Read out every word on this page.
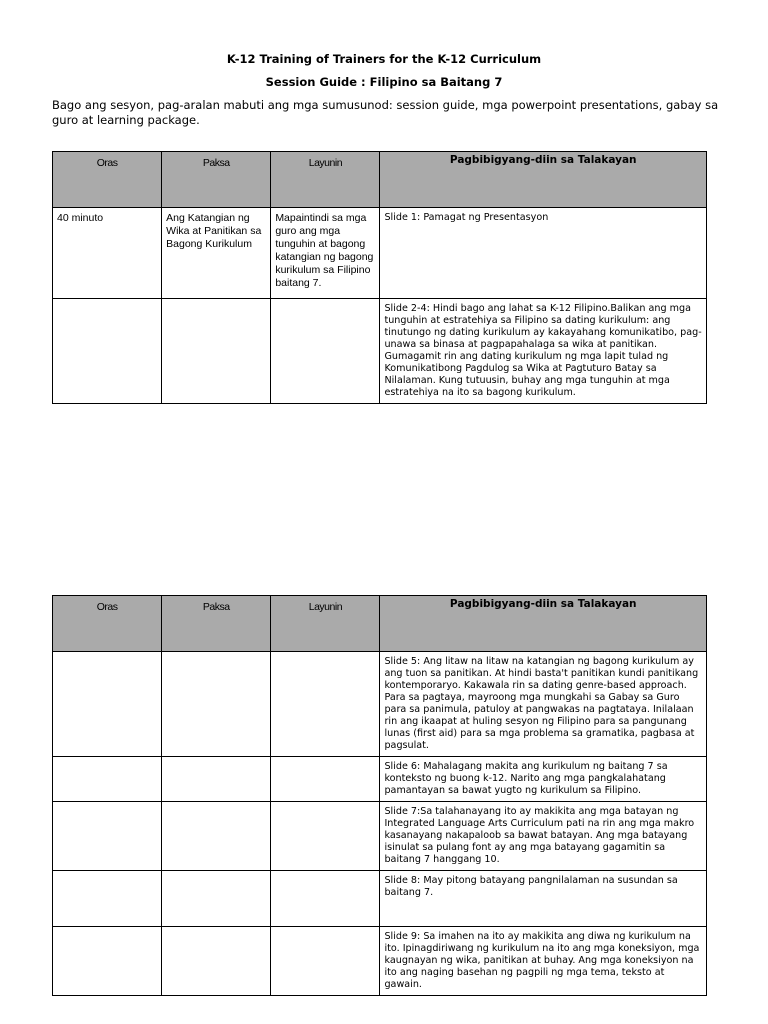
K-12 Training of Trainers for the K-12 Curriculum
Session Guide : Filipino sa Baitang 7
Bago ang sesyon, pag-aralan mabuti ang mga sumusunod: session guide, mga powerpoint presentations, gabay sa guro at learning package.
Oras	Paksa	Layunin	Pagbibigyang-diin sa Talakayan

40 minuto	Ang Katangian ng Wika at Panitikan sa Bagong Kurikulum	Mapaintindi sa mga guro ang mga tunguhin at bagong katangian ng bagong kurikulum sa Filipino baitang 7.	Slide 1: Pamagat ng Presentasyon

			Slide 2-4: Hindi bago ang lahat sa K-12 Filipino.Balikan ang mga tunguhin at estratehiya sa Filipino sa dating kurikulum: ang tinutungo ng dating kurikulum ay kakayahang komunikatibo, pag-unawa sa binasa at pagpapahalaga sa wika at panitikan. Gumagamit rin ang dating kurikulum ng mga lapit tulad ng Komunikatibong Pagdulog sa Wika at Pagtuturo Batay sa Nilalaman. Kung tutuusin, buhay ang mga tunguhin at mga estratehiya na ito sa bagong kurikulum.
Oras	Paksa	Layunin	Pagbibigyang-diin sa Talakayan

			Slide 5: Ang litaw na litaw na katangian ng bagong kurikulum ay ang tuon sa panitikan. At hindi basta't panitikan kundi panitikang kontemporaryo. Kakawala rin sa dating genre-based approach. Para sa pagtaya, mayroong mga mungkahi sa Gabay sa Guro para sa panimula, patuloy at pangwakas na pagtataya. Inilalaan rin ang ikaapat at huling sesyon ng Filipino para sa pangunang lunas (first aid) para sa mga problema sa gramatika, pagbasa at pagsulat.

			Slide 6: Mahalagang makita ang kurikulum ng baitang 7 sa konteksto ng buong k-12. Narito ang mga pangkalahatang pamantayan sa bawat yugto ng kurikulum sa Filipino.

			Slide 7:Sa talahanayang ito ay makikita ang mga batayan ng Integrated Language Arts Curriculum pati na rin ang mga makro kasanayang nakapaloob sa bawat batayan. Ang mga batayang isinulat sa pulang font ay ang mga batayang gagamitin sa baitang 7 hanggang 10.

			Slide 8: May pitong batayang pangnilalaman na susundan sa baitang 7.

			Slide 9: Sa imahen na ito ay makikita ang diwa ng kurikulum na ito. Ipinagdiriwang ng kurikulum na ito ang mga koneksiyon, mga kaugnayan ng wika, panitikan at buhay. Ang mga koneksiyon na ito ang naging basehan ng pagpili ng mga tema, teksto at gawain.
